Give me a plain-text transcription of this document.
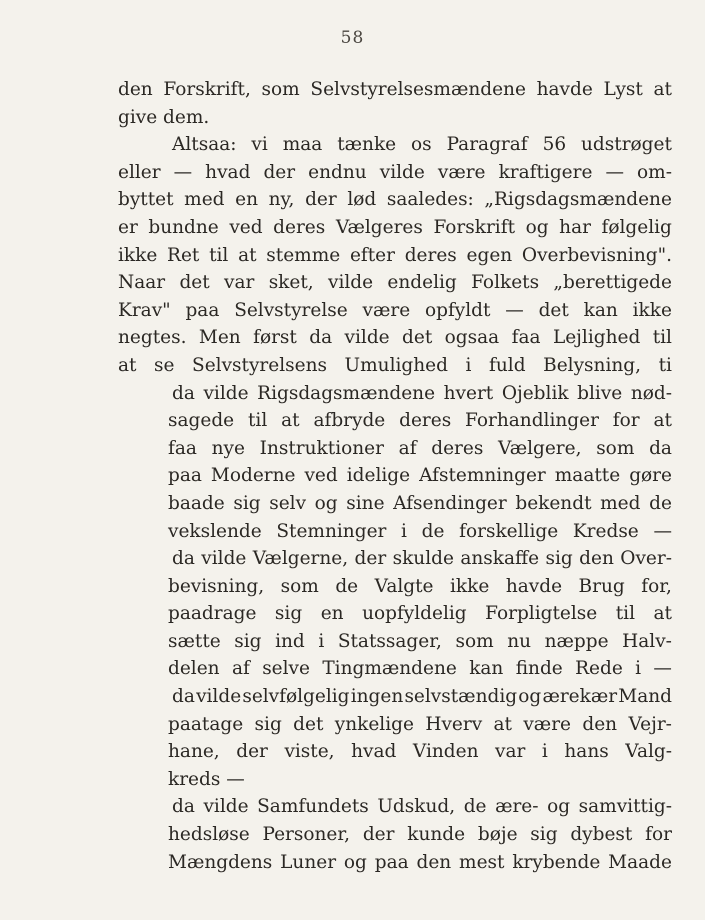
58
den Forskrift, som Selvstyrelsesmændene havde Lyst at
give dem.
Altsaa: vi maa tænke os Paragraf 56 udstrøget
eller — hvad der endnu vilde være kraftigere — om-
byttet med en ny, der lød saaledes: „Rigsdagsmændene
er bundne ved deres Vælgeres Forskrift og har følgelig
ikke Ret til at stemme efter deres egen Overbevisning".
Naar det var sket, vilde endelig Folkets „berettigede
Krav" paa Selvstyrelse være opfyldt — det kan ikke
negtes. Men først da vilde det ogsaa faa Lejlighed til
at se Selvstyrelsens Umulighed i fuld Belysning, ti
da vilde Rigsdagsmændene hvert Ojeblik blive nød-
sagede til at afbryde deres Forhandlinger for at
faa nye Instruktioner af deres Vælgere, som da
paa Moderne ved idelige Afstemninger maatte gøre
baade sig selv og sine Afsendinger bekendt med de
vekslende Stemninger i de forskellige Kredse —
da vilde Vælgerne, der skulde anskaffe sig den Over-
bevisning, som de Valgte ikke havde Brug for,
paadrage sig en uopfyldelig Forpligtelse til at
sætte sig ind i Statssager, som nu næppe Halv-
delen af selve Tingmændene kan finde Rede i —
da vilde selvfølgelig ingen selvstændig og ærekær Mand
paatage sig det ynkelige Hverv at være den Vejr-
hane, der viste, hvad Vinden var i hans Valg-
kreds —
da vilde Samfundets Udskud, de ære- og samvittig-
hedsløse Personer, der kunde bøje sig dybest for
Mængdens Luner og paa den mest krybende Maade
